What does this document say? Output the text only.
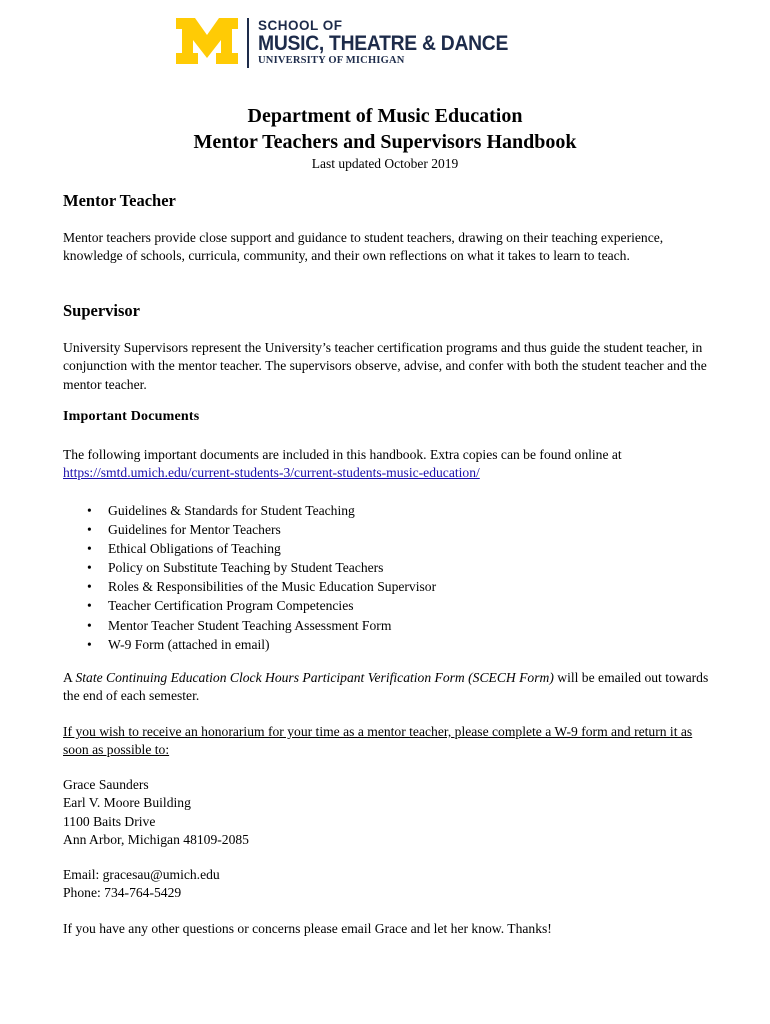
SCHOOL OF
MUSIC, THEATRE & DANCE
UNIVERSITY OF MICHIGAN
Department of Music Education
Mentor Teachers and Supervisors Handbook
Last updated October 2019
Mentor Teacher

Mentor teachers provide close support and guidance to student teachers, drawing on their teaching experience, knowledge of schools, curricula, community, and their own reflections on what it takes to learn to teach.

Supervisor

University Supervisors represent the University’s teacher certification programs and thus guide the student teacher, in conjunction with the mentor teacher. The supervisors observe, advise, and confer with both the student teacher and the mentor teacher.

Important Documents

The following important documents are included in this handbook. Extra copies can be found online at
https://smtd.umich.edu/current-students-3/current-students-music-education/

• Guidelines & Standards for Student Teaching
• Guidelines for Mentor Teachers
• Ethical Obligations of Teaching
• Policy on Substitute Teaching by Student Teachers
• Roles & Responsibilities of the Music Education Supervisor
• Teacher Certification Program Competencies
• Mentor Teacher Student Teaching Assessment Form
• W-9 Form (attached in email)

A State Continuing Education Clock Hours Participant Verification Form (SCECH Form) will be emailed out towards the end of each semester.

If you wish to receive an honorarium for your time as a mentor teacher, please complete a W-9 form and return it as soon as possible to:

Grace Saunders
Earl V. Moore Building
1100 Baits Drive
Ann Arbor, Michigan 48109-2085
Email: gracesau@umich.edu
Phone: 734-764-5429

If you have any other questions or concerns please email Grace and let her know. Thanks!
